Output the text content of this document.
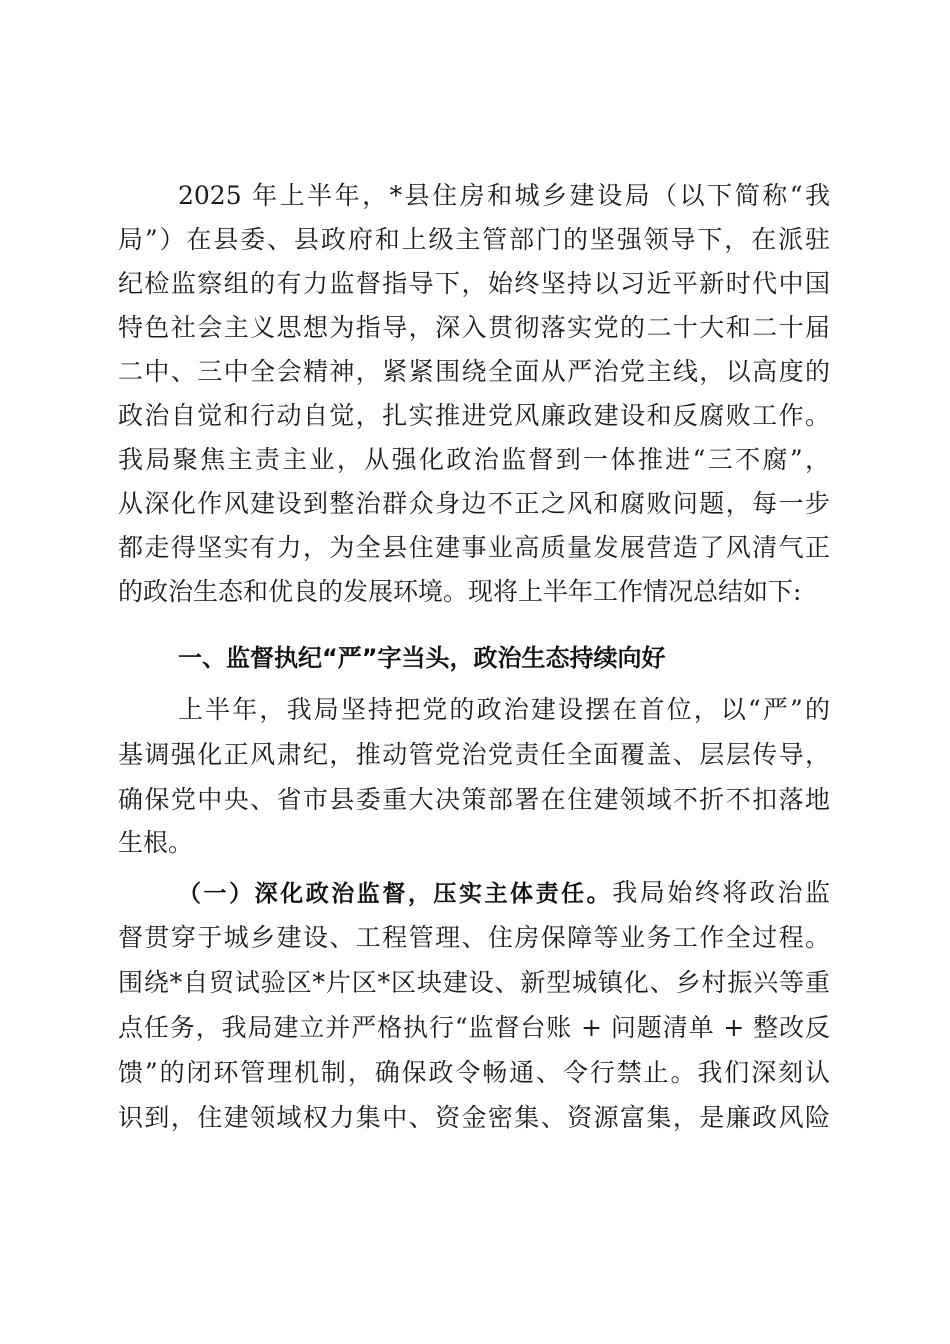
2025 年上半年，*县住房和城乡建设局（以下简称“我
局”）在县委、县政府和上级主管部门的坚强领导下，在派驻
纪检监察组的有力监督指导下，始终坚持以习近平新时代中国
特色社会主义思想为指导，深入贯彻落实党的二十大和二十届
二中、三中全会精神，紧紧围绕全面从严治党主线，以高度的
政治自觉和行动自觉，扎实推进党风廉政建设和反腐败工作。
我局聚焦主责主业，从强化政治监督到一体推进“三不腐”，
从深化作风建设到整治群众身边不正之风和腐败问题，每一步
都走得坚实有力，为全县住建事业高质量发展营造了风清气正
的政治生态和优良的发展环境。现将上半年工作情况总结如下:
一、监督执纪“严”字当头，政治生态持续向好
上半年，我局坚持把党的政治建设摆在首位，以“严”的
基调强化正风肃纪，推动管党治党责任全面覆盖、层层传导，
确保党中央、省市县委重大决策部署在住建领域不折不扣落地
生根。
（一）深化政治监督，压实主体责任。我局始终将政治监
督贯穿于城乡建设、工程管理、住房保障等业务工作全过程。
围绕*自贸试验区*片区*区块建设、新型城镇化、乡村振兴等重
点任务，我局建立并严格执行“监督台账 + 问题清单 + 整改反
馈”的闭环管理机制，确保政令畅通、令行禁止。我们深刻认
识到，住建领域权力集中、资金密集、资源富集，是廉政风险
